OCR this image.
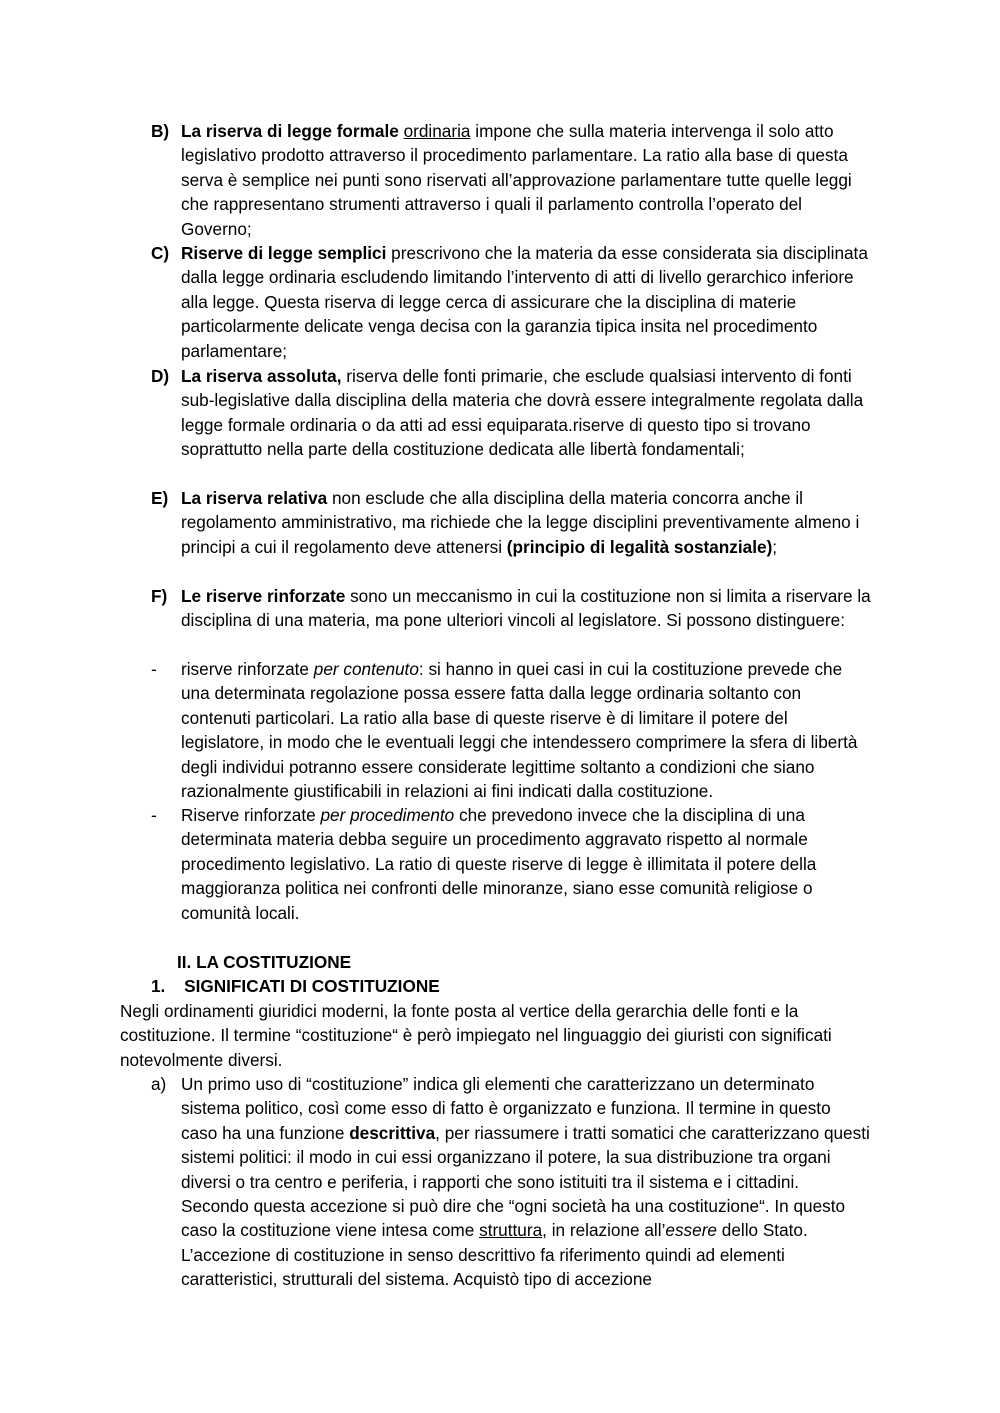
B) La riserva di legge formale ordinaria impone che sulla materia intervenga il solo atto legislativo prodotto attraverso il procedimento parlamentare. La ratio alla base di questa serva è semplice nei punti sono riservati all’approvazione parlamentare tutte quelle leggi che rappresentano strumenti attraverso i quali il parlamento controlla l’operato del Governo;
C) Riserve di legge semplici prescrivono che la materia da esse considerata sia disciplinata dalla legge ordinaria escludendo limitando l’intervento di atti di livello gerarchico inferiore alla legge. Questa riserva di legge cerca di assicurare che la disciplina di materie particolarmente delicate venga decisa con la garanzia tipica insita nel procedimento parlamentare;
D) La riserva assoluta, riserva delle fonti primarie, che esclude qualsiasi intervento di fonti sub-legislative dalla disciplina della materia che dovrà essere integralmente regolata dalla legge formale ordinaria o da atti ad essi equiparata.riserve di questo tipo si trovano soprattutto nella parte della costituzione dedicata alle libertà fondamentali;
E) La riserva relativa non esclude che alla disciplina della materia concorra anche il regolamento amministrativo, ma richiede che la legge disciplini preventivamente almeno i principi a cui il regolamento deve attenersi (principio di legalità sostanziale);
F) Le riserve rinforzate sono un meccanismo in cui la costituzione non si limita a riservare la disciplina di una materia, ma pone ulteriori vincoli al legislatore. Si possono distinguere:
- riserve rinforzate per contenuto: si hanno in quei casi in cui la costituzione prevede che una determinata regolazione possa essere fatta dalla legge ordinaria soltanto con contenuti particolari. La ratio alla base di queste riserve è di limitare il potere del legislatore, in modo che le eventuali leggi che intendessero comprimere la sfera di libertà degli individui potranno essere considerate legittime soltanto a condizioni che siano razionalmente giustificabili in relazioni ai fini indicati dalla costituzione.
- Riserve rinforzate per procedimento che prevedono invece che la disciplina di una determinata materia debba seguire un procedimento aggravato rispetto al normale procedimento legislativo. La ratio di queste riserve di legge è illimitata il potere della maggioranza politica nei confronti delle minoranze, siano esse comunità religiose o comunità locali.
II. LA COSTITUZIONE
1. SIGNIFICATI DI COSTITUZIONE
Negli ordinamenti giuridici moderni, la fonte posta al vertice della gerarchia delle fonti e la costituzione. Il termine “costituzione“ è però impiegato nel linguaggio dei giuristi con significati notevolmente diversi.
a) Un primo uso di “costituzione” indica gli elementi che caratterizzano un determinato sistema politico, così come esso di fatto è organizzato e funziona. Il termine in questo caso ha una funzione descrittiva, per riassumere i tratti somatici che caratterizzano questi sistemi politici: il modo in cui essi organizzano il potere, la sua distribuzione tra organi diversi o tra centro e periferia, i rapporti che sono istituiti tra il sistema e i cittadini. Secondo questa accezione si può dire che “ogni società ha una costituzione“. In questo caso la costituzione viene intesa come struttura, in relazione all’essere dello Stato. L’accezione di costituzione in senso descrittivo fa riferimento quindi ad elementi caratteristici, strutturali del sistema. Acquistò tipo di accezione
